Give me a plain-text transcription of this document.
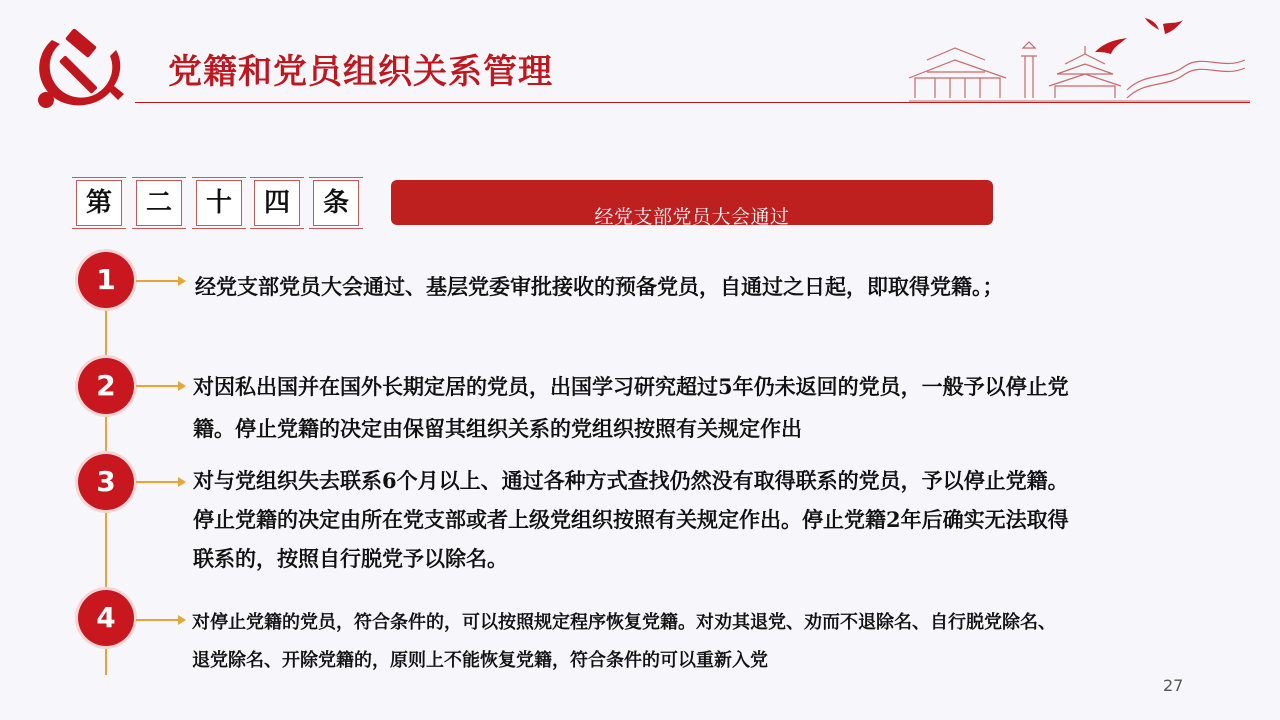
党籍和党员组织关系管理
第	二	十	四	条	经党支部党员大会通过
1	经党支部党员大会通过、基层党委审批接收的预备党员，自通过之日起，即取得党籍。；
2	对因私出国并在国外长期定居的党员，出国学习研究超过5年仍未返回的党员，一般予以停止党籍。停止党籍的决定由保留其组织关系的党组织按照有关规定作出
3	对与党组织失去联系6个月以上、通过各种方式查找仍然没有取得联系的党员，予以停止党籍。停止党籍的决定由所在党支部或者上级党组织按照有关规定作出。停止党籍2年后确实无法取得联系的，按照自行脱党予以除名。
4	对停止党籍的党员，符合条件的，可以按照规定程序恢复党籍。对劝其退党、劝而不退除名、自行脱党除名、退党除名、开除党籍的，原则上不能恢复党籍，符合条件的可以重新入党
27
